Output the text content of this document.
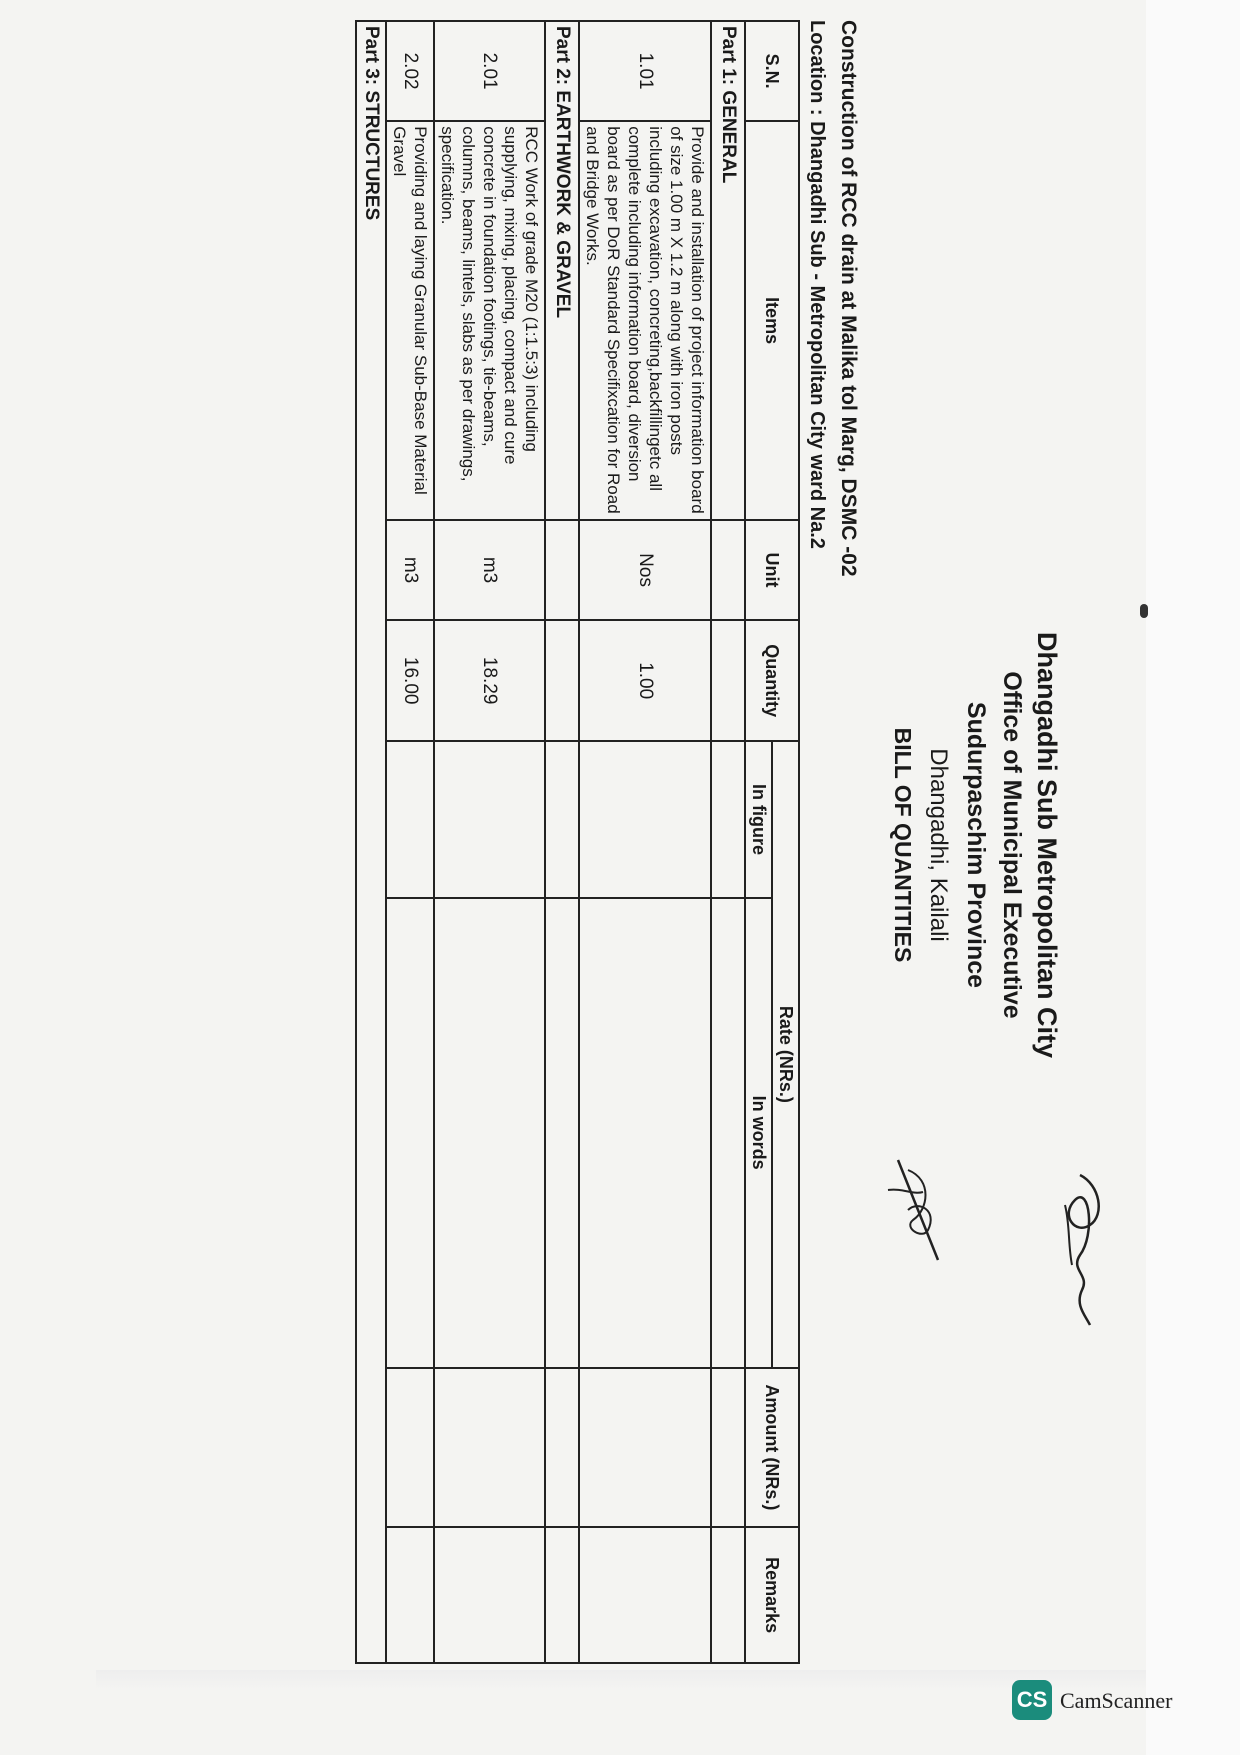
Dhangadhi Sub Metropolitan City
Office of Municipal Executive
Sudurpaschim Province
Dhangadhi, Kailali
BILL OF QUANTITIES
Construction of RCC drain at Malika tol Marg, DSMC -02
Location : Dhangadhi Sub - Metropolitan City ward Na.2
S.N.	Items	Unit	Quantity	Rate (NRs.)		Amount (NRs.)	Remarks
				In figure	In words		
Part 1: GENERAL							
1.01	Provide and installation of project information board of size 1.00 m X 1.2 m along with iron posts including excavation, concreting,backfillingetc all complete including information board, diversion board as per DoR Standard Specifixcation for Road and Bridge Works.	Nos	1.00				
Part 2: EARTHWORK & GRAVEL							
2.01	RCC Work of grade M20 (1:1.5:3) including supplying, mixing, placing, compact and cure concrete in foundation footings, tie-beams, columns, beams, lintels, slabs as per drawings, specification.	m3	18.29				
2.02	Providing and laying Granular Sub-Base Material Gravel	m3	16.00				
Part 3: STRUCTURES							
CS CamScanner
